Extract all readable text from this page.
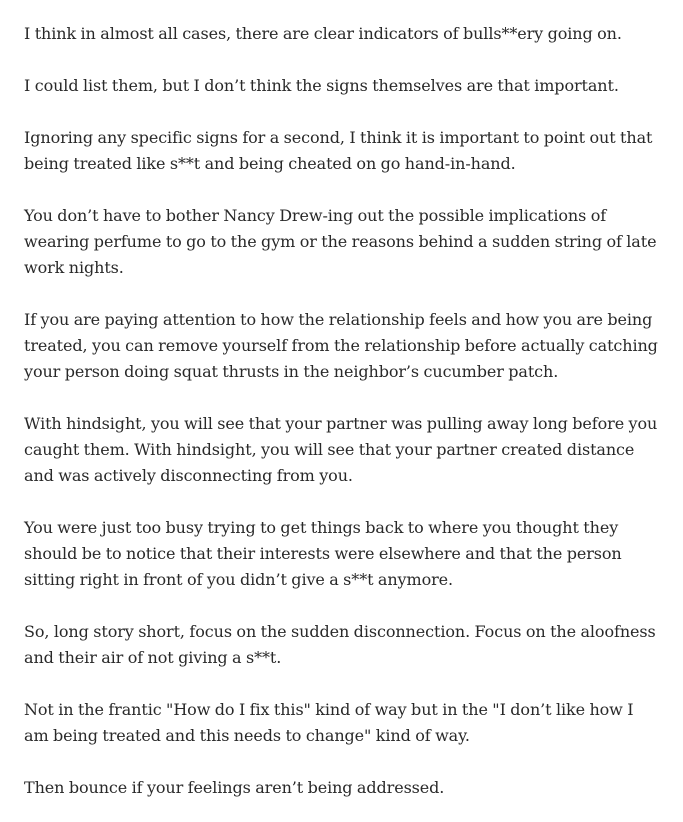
I think in almost all cases, there are clear indicators of bulls**ery going on.

I could list them, but I don’t think the signs themselves are that important.

Ignoring any specific signs for a second, I think it is important to point out that being treated like s**t and being cheated on go hand-in-hand.

You don’t have to bother Nancy Drew-ing out the possible implications of wearing perfume to go to the gym or the reasons behind a sudden string of late work nights.

If you are paying attention to how the relationship feels and how you are being treated, you can remove yourself from the relationship before actually catching your person doing squat thrusts in the neighbor’s cucumber patch.

With hindsight, you will see that your partner was pulling away long before you caught them. With hindsight, you will see that your partner created distance and was actively disconnecting from you.

You were just too busy trying to get things back to where you thought they should be to notice that their interests were elsewhere and that the person sitting right in front of you didn’t give a s**t anymore.

So, long story short, focus on the sudden disconnection. Focus on the aloofness and their air of not giving a s**t.

Not in the frantic "How do I fix this" kind of way but in the "I don’t like how I am being treated and this needs to change" kind of way.

Then bounce if your feelings aren’t being addressed.
